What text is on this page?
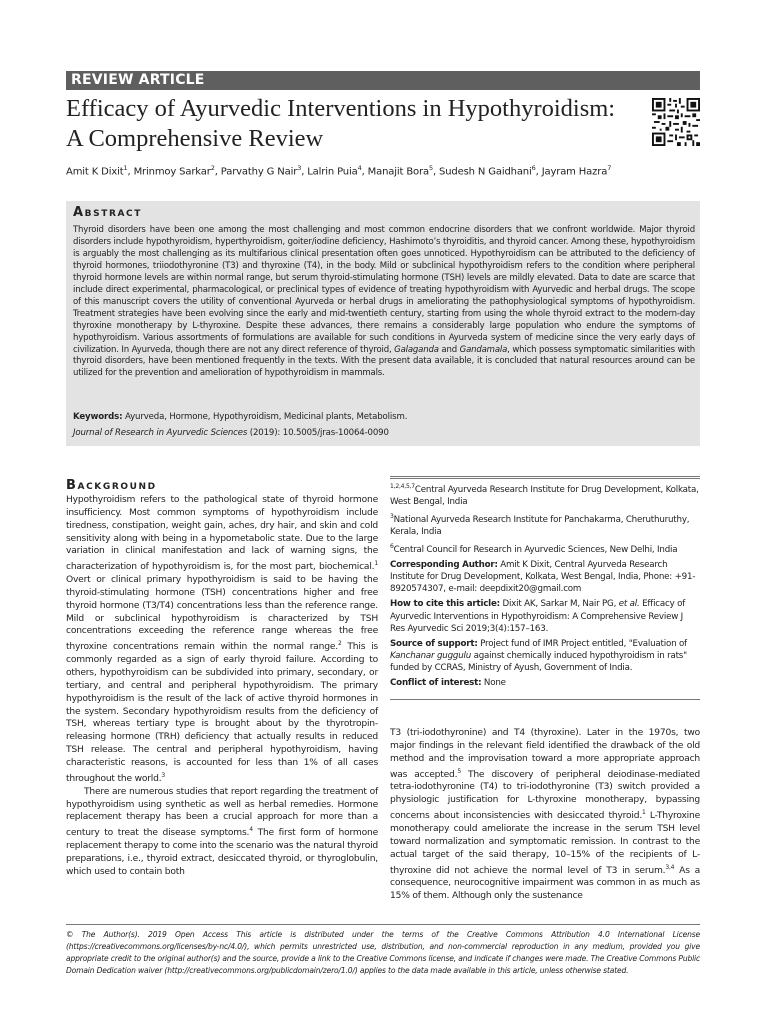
REVIEW ARTICLE
Efficacy of Ayurvedic Interventions in Hypothyroidism: A Comprehensive Review
Amit K Dixit$^1$, Mrinmoy Sarkar$^2$, Parvathy G Nair$^3$, Lalrin Puia$^4$, Manajit Bora$^5$, Sudesh N Gaidhani$^6$, Jayram Hazra$^7$
Abstract
Thyroid disorders have been one among the most challenging and most common endocrine disorders that we confront worldwide. Major thyroid disorders include hypothyroidism, hyperthyroidism, goiter/iodine deficiency, Hashimoto’s thyroiditis, and thyroid cancer. Among these, hypothyroidism is arguably the most challenging as its multifarious clinical presentation often goes unnoticed. Hypothyroidism can be attributed to the deficiency of thyroid hormones, triiodothyronine (T3) and thyroxine (T4), in the body. Mild or subclinical hypothyroidism refers to the condition where peripheral thyroid hormone levels are within normal range, but serum thyroid-stimulating hormone (TSH) levels are mildly elevated. Data to date are scarce that include direct experimental, pharmacological, or preclinical types of evidence of treating hypothyroidism with Ayurvedic and herbal drugs. The scope of this manuscript covers the utility of conventional Ayurveda or herbal drugs in ameliorating the pathophysiological symptoms of hypothyroidism. Treatment strategies have been evolving since the early and mid-twentieth century, starting from using the whole thyroid extract to the modern-day thyroxine monotherapy by L-thyroxine. Despite these advances, there remains a considerably large population who endure the symptoms of hypothyroidism. Various assortments of formulations are available for such conditions in Ayurveda system of medicine since the very early days of civilization. In Ayurveda, though there are not any direct reference of thyroid, Galaganda and Gandamala, which possess symptomatic similarities with thyroid disorders, have been mentioned frequently in the texts. With the present data available, it is concluded that natural resources around can be utilized for the prevention and amelioration of hypothyroidism in mammals.
Keywords: Ayurveda, Hormone, Hypothyroidism, Medicinal plants, Metabolism.
Journal of Research in Ayurvedic Sciences (2019): 10.5005/jras-10064-0090
Background

Hypothyroidism refers to the pathological state of thyroid hormone insufficiency. Most common symptoms of hypothyroidism include tiredness, constipation, weight gain, aches, dry hair, and skin and cold sensitivity along with being in a hypometabolic state. Due to the large variation in clinical manifestation and lack of warning signs, the characterization of hypothyroidism is, for the most part, biochemical.$^1$ Overt or clinical primary hypothyroidism is said to be having the thyroid-stimulating hormone (TSH) concentrations higher and free thyroid hormone (T3/T4) concentrations less than the reference range. Mild or subclinical hypothyroidism is characterized by TSH concentrations exceeding the reference range whereas the free thyroxine concentrations remain within the normal range.$^2$ This is commonly regarded as a sign of early thyroid failure. According to others, hypothyroidism can be subdivided into primary, secondary, or tertiary, and central and peripheral hypothyroidism. The primary hypothyroidism is the result of the lack of active thyroid hormones in the system. Secondary hypothyroidism results from the deficiency of TSH, whereas tertiary type is brought about by the thyrotropin-releasing hormone (TRH) deficiency that actually results in reduced TSH release. The central and peripheral hypothyroidism, having characteristic reasons, is accounted for less than 1% of all cases throughout the world.$^3$

There are numerous studies that report regarding the treatment of hypothyroidism using synthetic as well as herbal remedies. Hormone replacement therapy has been a crucial approach for more than a century to treat the disease symptoms.$^4$ The first form of hormone replacement therapy to come into the scenario was the natural thyroid preparations, i.e., thyroid extract, desiccated thyroid, or thyroglobulin, which used to contain both

$^{1,2,4,5,7}$Central Ayurveda Research Institute for Drug Development, Kolkata, West Bengal, India

$^3$National Ayurveda Research Institute for Panchakarma, Cheruthuruthy, Kerala, India

$^6$Central Council for Research in Ayurvedic Sciences, New Delhi, India

Corresponding Author: Amit K Dixit, Central Ayurveda Research Institute for Drug Development, Kolkata, West Bengal, India, Phone: +91-8920574307, e-mail: deepdixit20@gmail.com

How to cite this article: Dixit AK, Sarkar M, Nair PG, et al. Efficacy of Ayurvedic Interventions in Hypothyroidism: A Comprehensive Review J Res Ayurvedic Sci 2019;3(4):157–163.

Source of support: Project fund of IMR Project entitled, "Evaluation of Kanchanar guggulu against chemically induced hypothyroidism in rats" funded by CCRAS, Ministry of Ayush, Government of India.

Conflict of interest: None

T3 (tri-iodothyronine) and T4 (thyroxine). Later in the 1970s, two major findings in the relevant field identified the drawback of the old method and the improvisation toward a more appropriate approach was accepted.$^5$ The discovery of peripheral deiodinase-mediated tetra-iodothyronine (T4) to tri-iodothyronine (T3) switch provided a physiologic justification for L-thyroxine monotherapy, bypassing concerns about inconsistencies with desiccated thyroid.$^1$ L-Thyroxine monotherapy could ameliorate the increase in the serum TSH level toward normalization and symptomatic remission. In contrast to the actual target of the said therapy, 10–15% of the recipients of L-thyroxine did not achieve the normal level of T3 in serum.$^{3,4}$ As a consequence, neurocognitive impairment was common in as much as 15% of them. Although only the sustenance

© The Author(s). 2019 Open Access This article is distributed under the terms of the Creative Commons Attribution 4.0 International License (https://creativecommons.org/licenses/by-nc/4.0/), which permits unrestricted use, distribution, and non-commercial reproduction in any medium, provided you give appropriate credit to the original author(s) and the source, provide a link to the Creative Commons license, and indicate if changes were made. The Creative Commons Public Domain Dedication waiver (http://creativecommons.org/publicdomain/zero/1.0/) applies to the data made available in this article, unless otherwise stated.
